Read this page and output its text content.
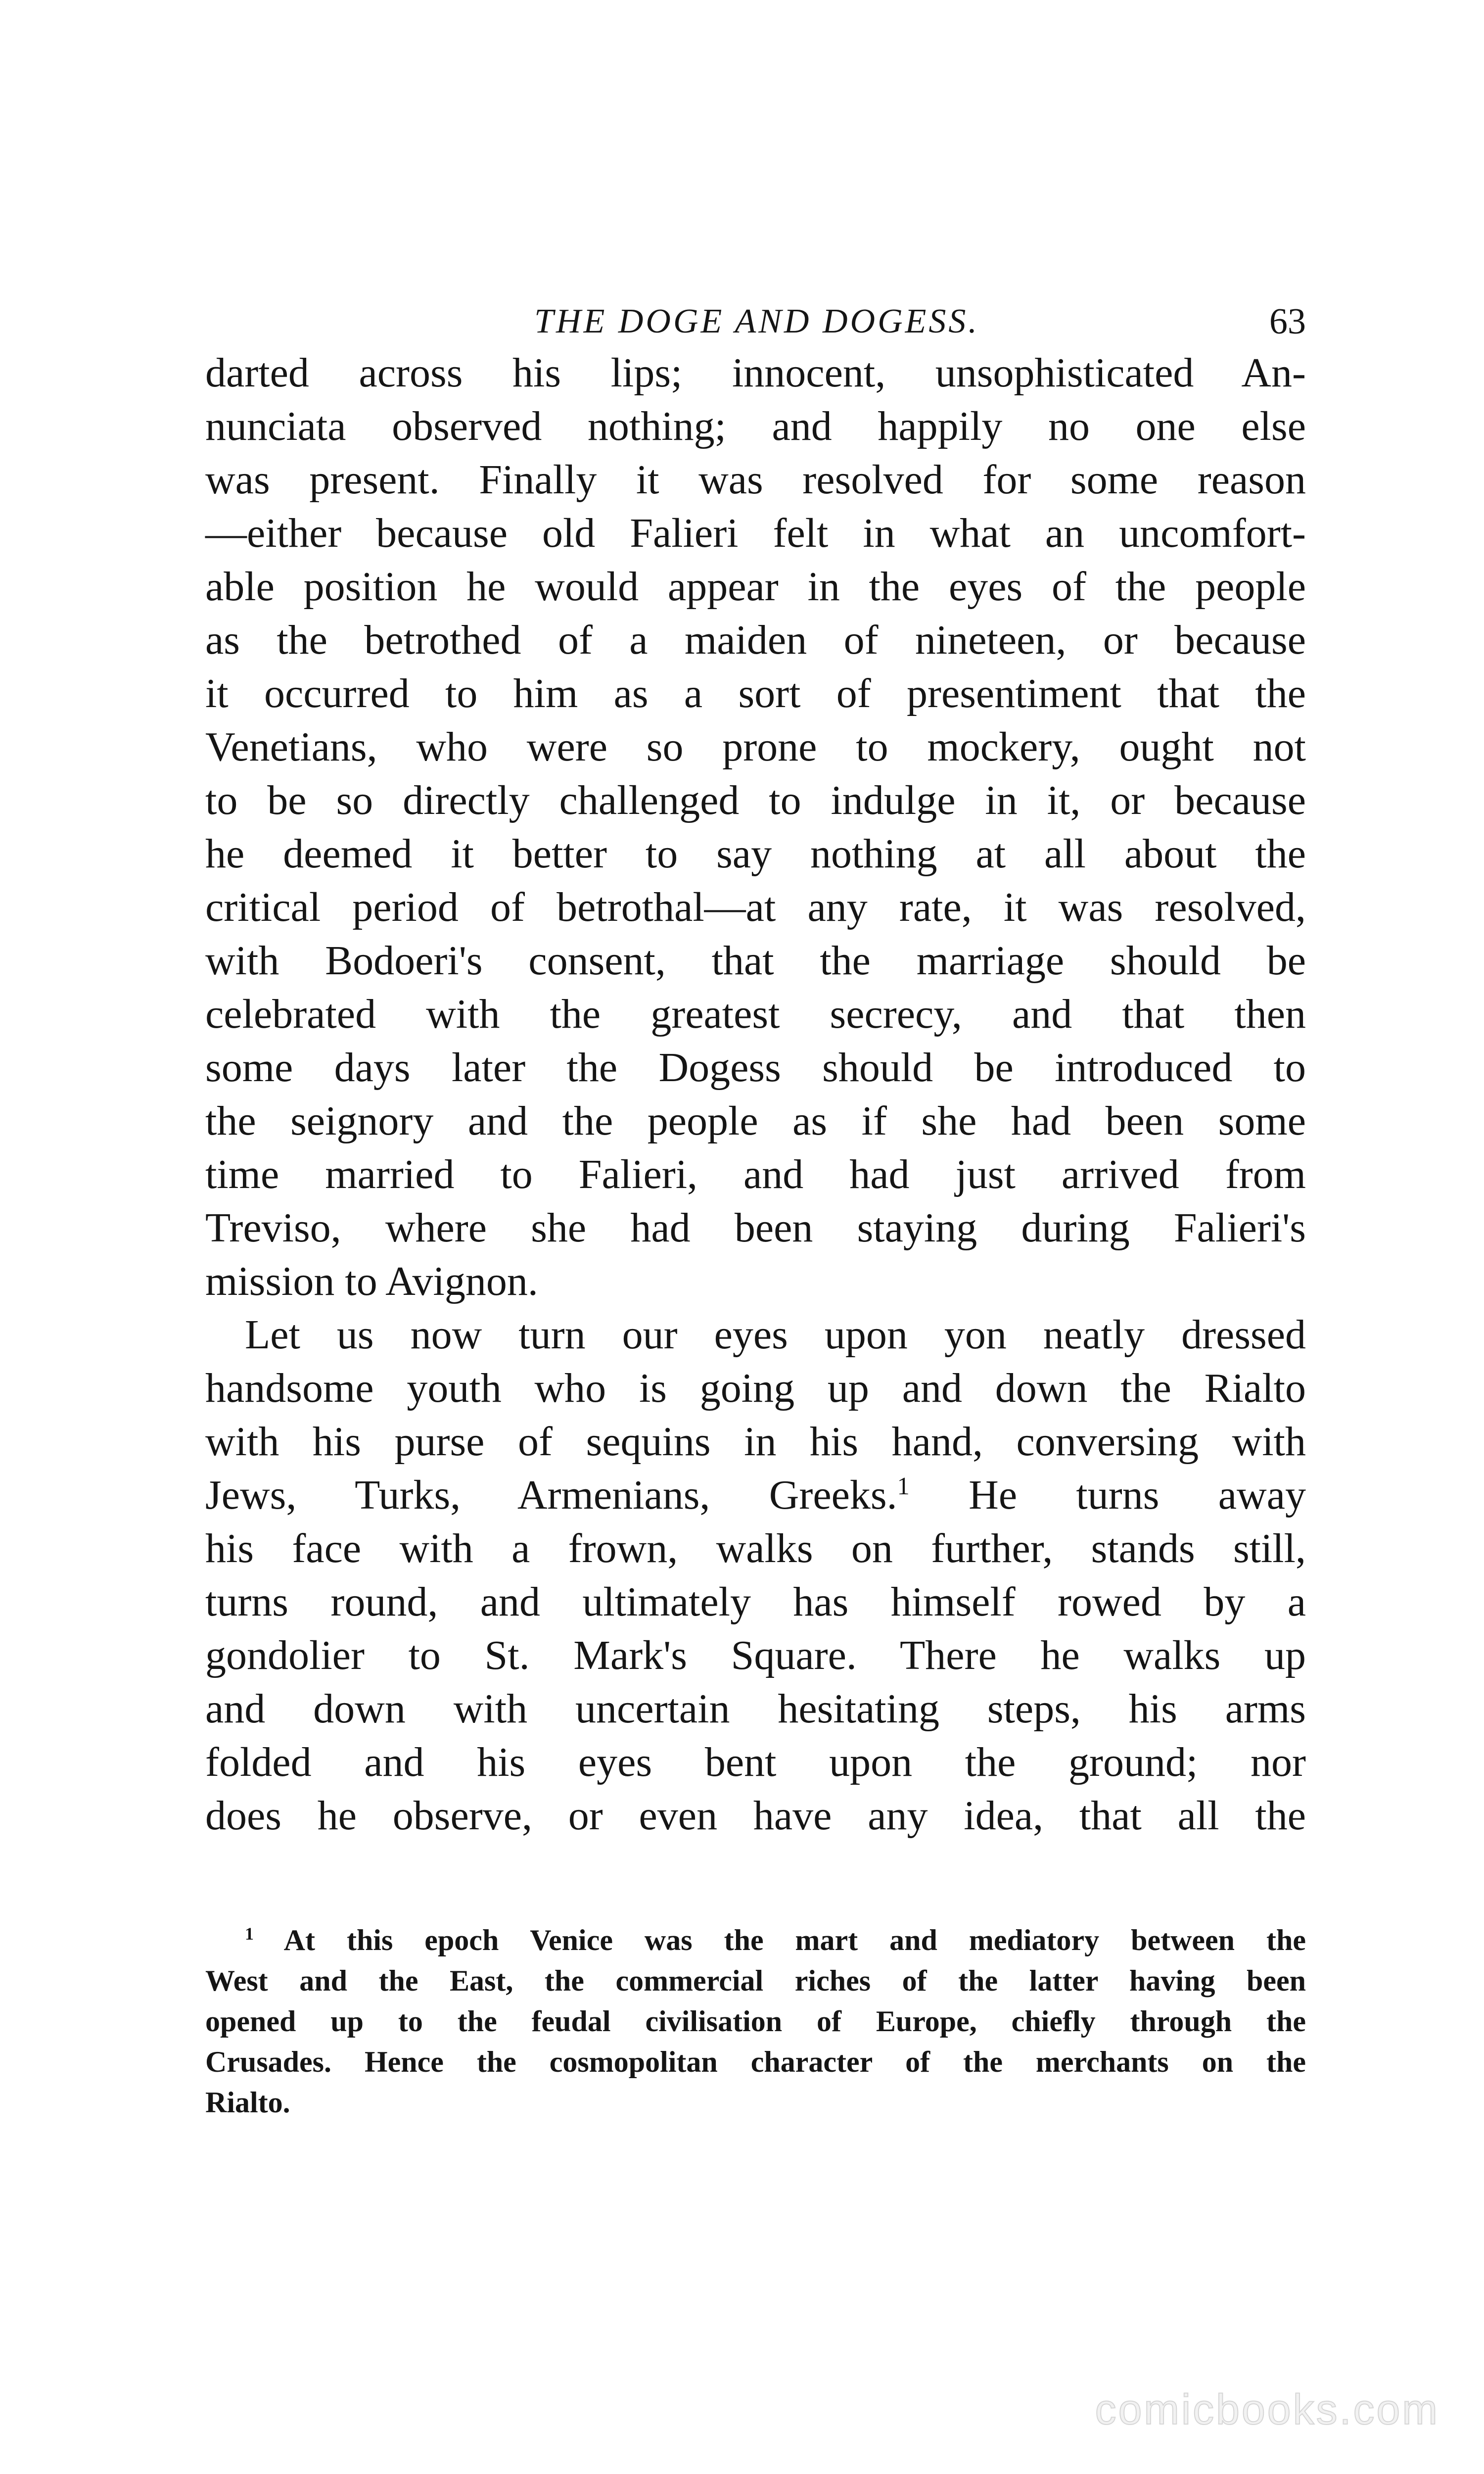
THE DOGE AND DOGESS.	63
darted across his lips; innocent, unsophisticated An-
nunciata observed nothing; and happily no one else
was present. Finally it was resolved for some reason
—either because old Falieri felt in what an uncomfort-
able position he would appear in the eyes of the people
as the betrothed of a maiden of nineteen, or because
it occurred to him as a sort of presentiment that the
Venetians, who were so prone to mockery, ought not
to be so directly challenged to indulge in it, or because
he deemed it better to say nothing at all about the
critical period of betrothal—at any rate, it was resolved,
with Bodoeri's consent, that the marriage should be
celebrated with the greatest secrecy, and that then
some days later the Dogess should be introduced to
the seignory and the people as if she had been some
time married to Falieri, and had just arrived from
Treviso, where she had been staying during Falieri's
mission to Avignon.
Let us now turn our eyes upon yon neatly dressed
handsome youth who is going up and down the Rialto
with his purse of sequins in his hand, conversing with
Jews, Turks, Armenians, Greeks.$^1$ He turns away
his face with a frown, walks on further, stands still,
turns round, and ultimately has himself rowed by a
gondolier to St. Mark's Square. There he walks up
and down with uncertain hesitating steps, his arms
folded and his eyes bent upon the ground; nor
does he observe, or even have any idea, that all the
$^1$ At this epoch Venice was the mart and mediatory between the
West and the East, the commercial riches of the latter having been
opened up to the feudal civilisation of Europe, chiefly through the
Crusades. Hence the cosmopolitan character of the merchants on the
Rialto.
comicbooks.com
